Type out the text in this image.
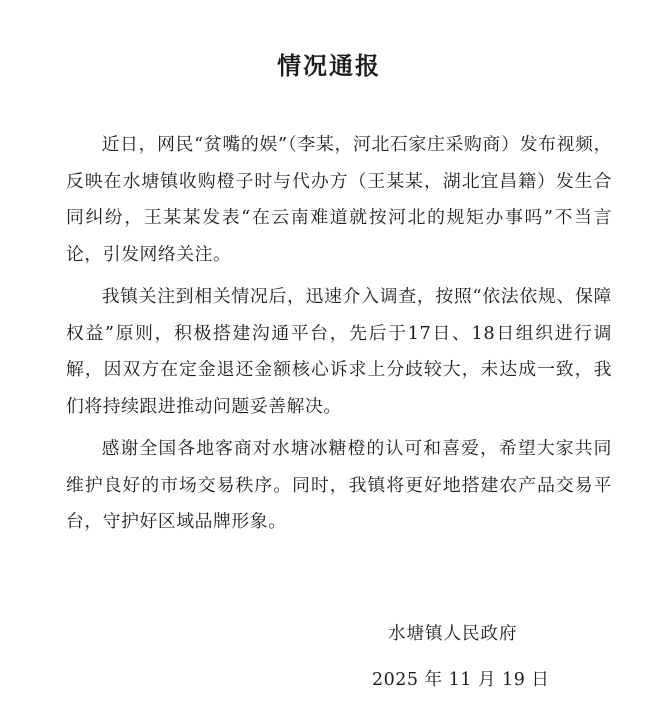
情况通报

近日，网民“贫嘴的娱”（李某，河北石家庄采购商）发布视频，反映在水塘镇收购橙子时与代办方（王某某，湖北宜昌籍）发生合同纠纷，王某某发表“在云南难道就按河北的规矩办事吗”不当言论，引发网络关注。

我镇关注到相关情况后，迅速介入调查，按照“依法依规、保障权益”原则，积极搭建沟通平台，先后于17日、18日组织进行调解，因双方在定金退还金额核心诉求上分歧较大，未达成一致，我们将持续跟进推动问题妥善解决。

感谢全国各地客商对水塘冰糖橙的认可和喜爱，希望大家共同维护良好的市场交易秩序。同时，我镇将更好地搭建农产品交易平台，守护好区域品牌形象。

水塘镇人民政府
2025 年 11 月 19 日
